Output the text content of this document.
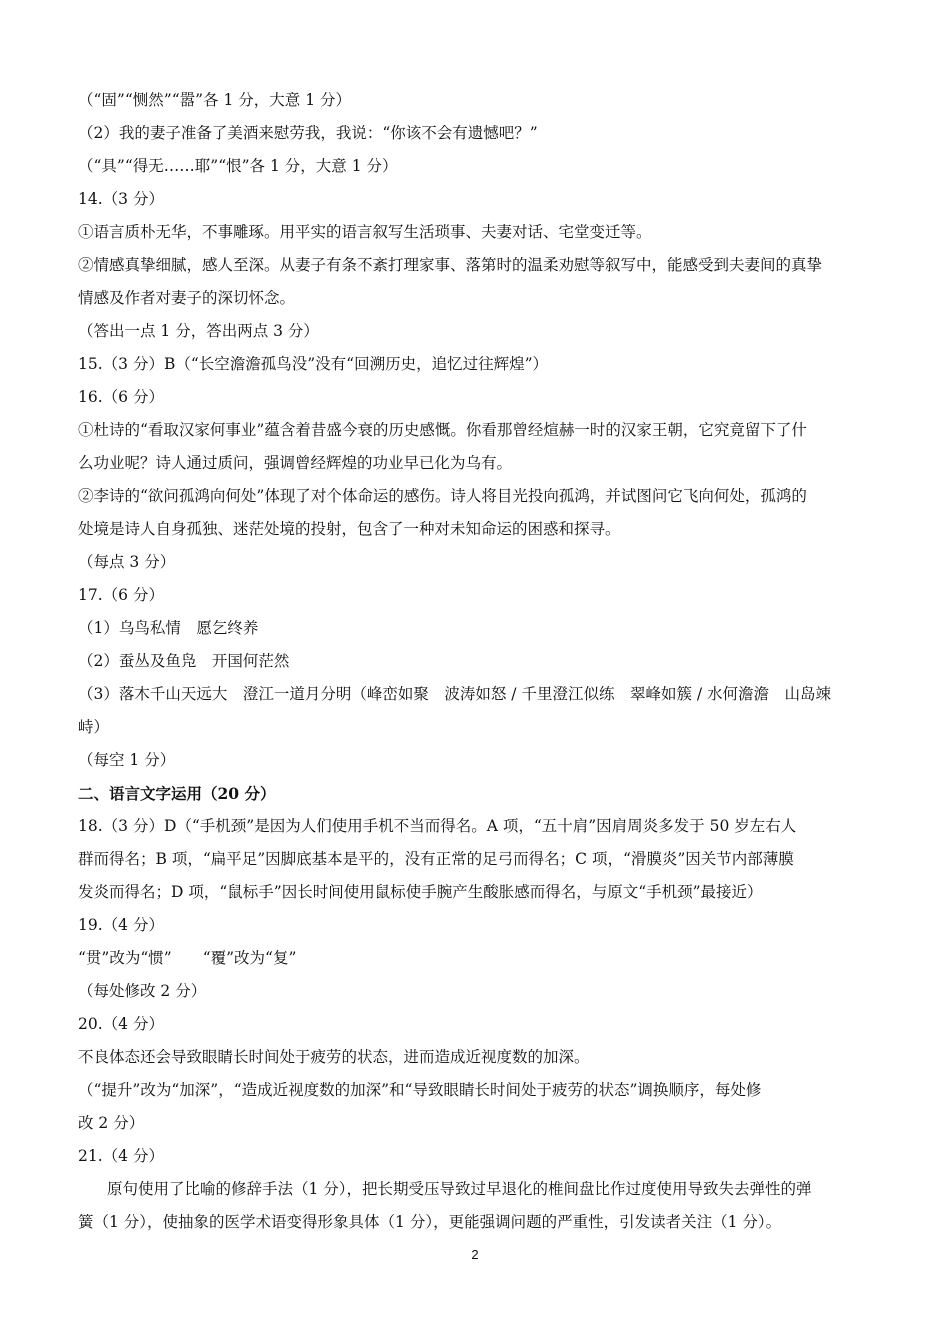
（“固”“恻然”“嚣”各 1 分，大意 1 分）
（2）我的妻子准备了美酒来慰劳我，我说：“你该不会有遗憾吧？”
（“具”“得无……耶”“恨”各 1 分，大意 1 分）
14.（3 分）
①语言质朴无华，不事雕琢。用平实的语言叙写生活琐事、夫妻对话、宅堂变迁等。
②情感真挚细腻，感人至深。从妻子有条不紊打理家事、落第时的温柔劝慰等叙写中，能感受到夫妻间的真挚
情感及作者对妻子的深切怀念。
（答出一点 1 分，答出两点 3 分）
15.（3 分）B（“长空澹澹孤鸟没”没有“回溯历史，追忆过往辉煌”）
16.（6 分）
①杜诗的“看取汉家何事业”蕴含着昔盛今衰的历史感慨。你看那曾经煊赫一时的汉家王朝，它究竟留下了什
么功业呢？诗人通过质问，强调曾经辉煌的功业早已化为乌有。
②李诗的“欲问孤鸿向何处”体现了对个体命运的感伤。诗人将目光投向孤鸿，并试图问它飞向何处，孤鸿的
处境是诗人自身孤独、迷茫处境的投射，包含了一种对未知命运的困惑和探寻。
（每点 3 分）
17.（6 分）
（1）乌鸟私情　愿乞终养
（2）蚕丛及鱼凫　开国何茫然
（3）落木千山天远大　澄江一道月分明（峰峦如聚　波涛如怒 / 千里澄江似练　翠峰如簇 / 水何澹澹　山岛竦
峙）
（每空 1 分）
二、语言文字运用（20 分）
18.（3 分）D（“手机颈”是因为人们使用手机不当而得名。A 项，“五十肩”因肩周炎多发于 50 岁左右人
群而得名；B 项，“扁平足”因脚底基本是平的，没有正常的足弓而得名；C 项，“滑膜炎”因关节内部薄膜
发炎而得名；D 项，“鼠标手”因长时间使用鼠标使手腕产生酸胀感而得名，与原文“手机颈”最接近）
19.（4 分）
“贯”改为“惯”　　“覆”改为“复”
（每处修改 2 分）
20.（4 分）
不良体态还会导致眼睛长时间处于疲劳的状态，进而造成近视度数的加深。
（“提升”改为“加深”，“造成近视度数的加深”和“导致眼睛长时间处于疲劳的状态”调换顺序，每处修
改 2 分）
21.（4 分）
原句使用了比喻的修辞手法（1 分），把长期受压导致过早退化的椎间盘比作过度使用导致失去弹性的弹
簧（1 分），使抽象的医学术语变得形象具体（1 分），更能强调问题的严重性，引发读者关注（1 分）。
2
